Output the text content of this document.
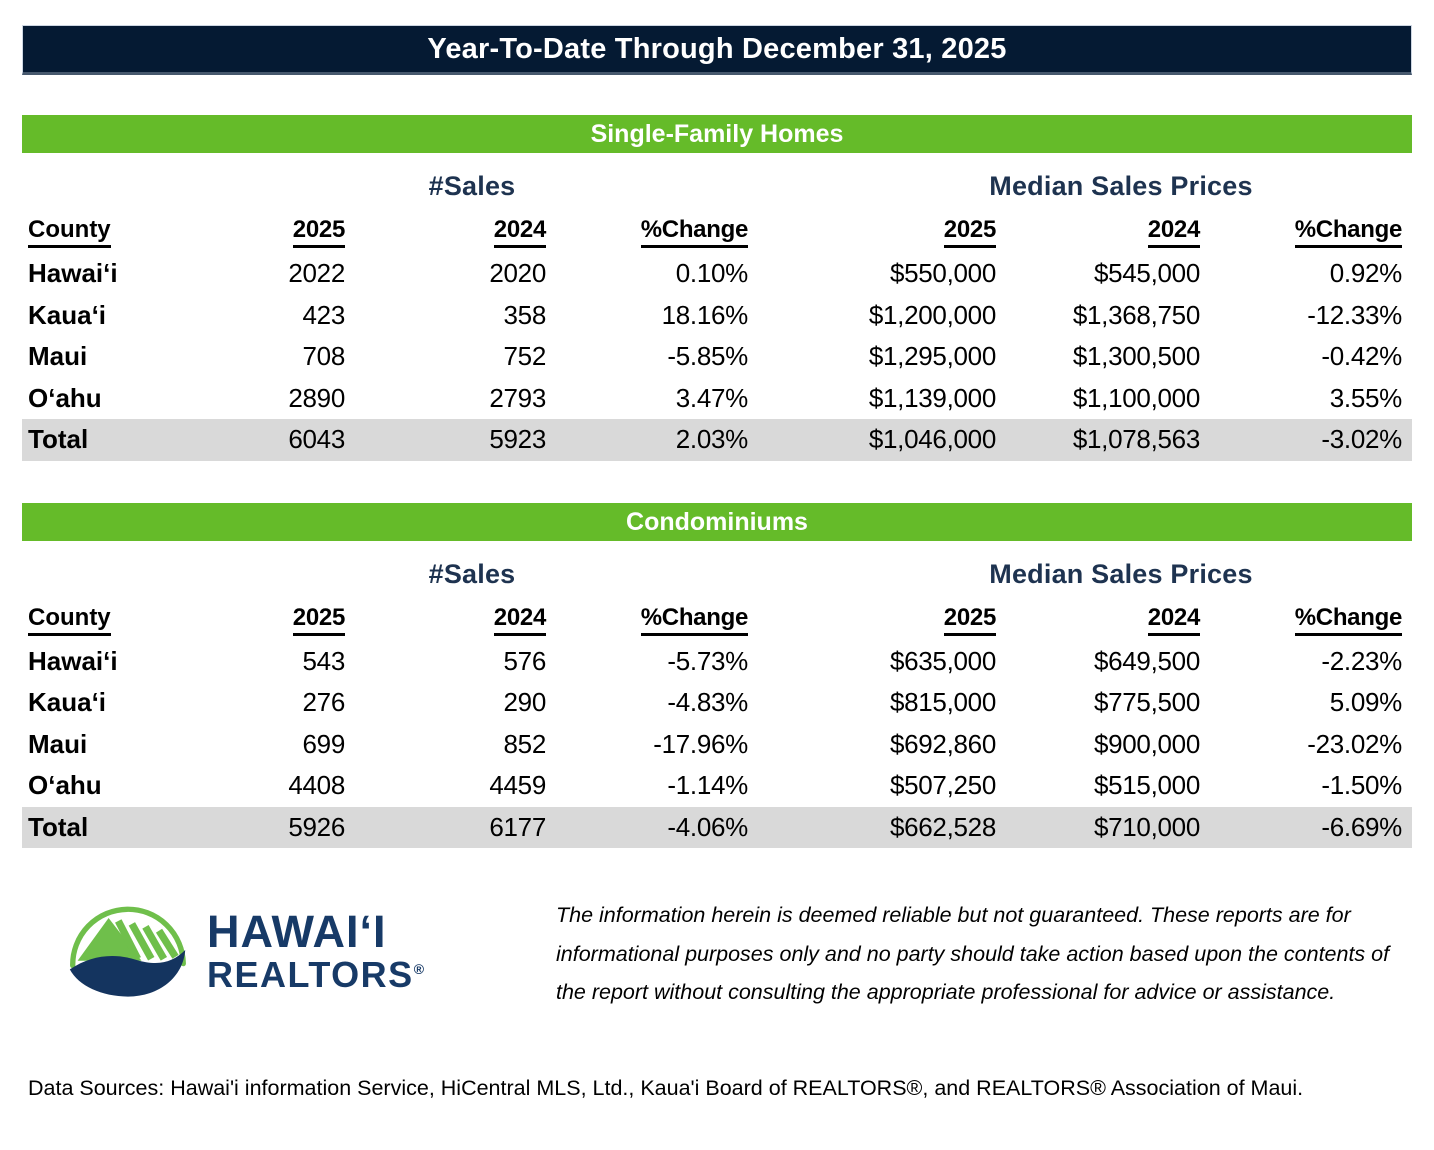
Year-To-Date Through December 31, 2025
Single-Family Homes
#Sales	Median Sales Prices
County	2025	2024	%Change	2025	2024	%Change
Hawai‘i	2022	2020	0.10%	$550,000	$545,000	0.92%
Kaua‘i	423	358	18.16%	$1,200,000	$1,368,750	-12.33%
Maui	708	752	-5.85%	$1,295,000	$1,300,500	-0.42%
O‘ahu	2890	2793	3.47%	$1,139,000	$1,100,000	3.55%
Total	6043	5923	2.03%	$1,046,000	$1,078,563	-3.02%
Condominiums
#Sales	Median Sales Prices
County	2025	2024	%Change	2025	2024	%Change
Hawai‘i	543	576	-5.73%	$635,000	$649,500	-2.23%
Kaua‘i	276	290	-4.83%	$815,000	$775,500	5.09%
Maui	699	852	-17.96%	$692,860	$900,000	-23.02%
O‘ahu	4408	4459	-1.14%	$507,250	$515,000	-1.50%
Total	5926	6177	-4.06%	$662,528	$710,000	-6.69%
HAWAI‘I
REALTORS®

The information herein is deemed reliable but not guaranteed. These reports are for informational purposes only and no party should take action based upon the contents of the report without consulting the appropriate professional for advice or assistance.

Data Sources: Hawai'i information Service, HiCentral MLS, Ltd., Kaua'i Board of REALTORS®, and REALTORS® Association of Maui.
